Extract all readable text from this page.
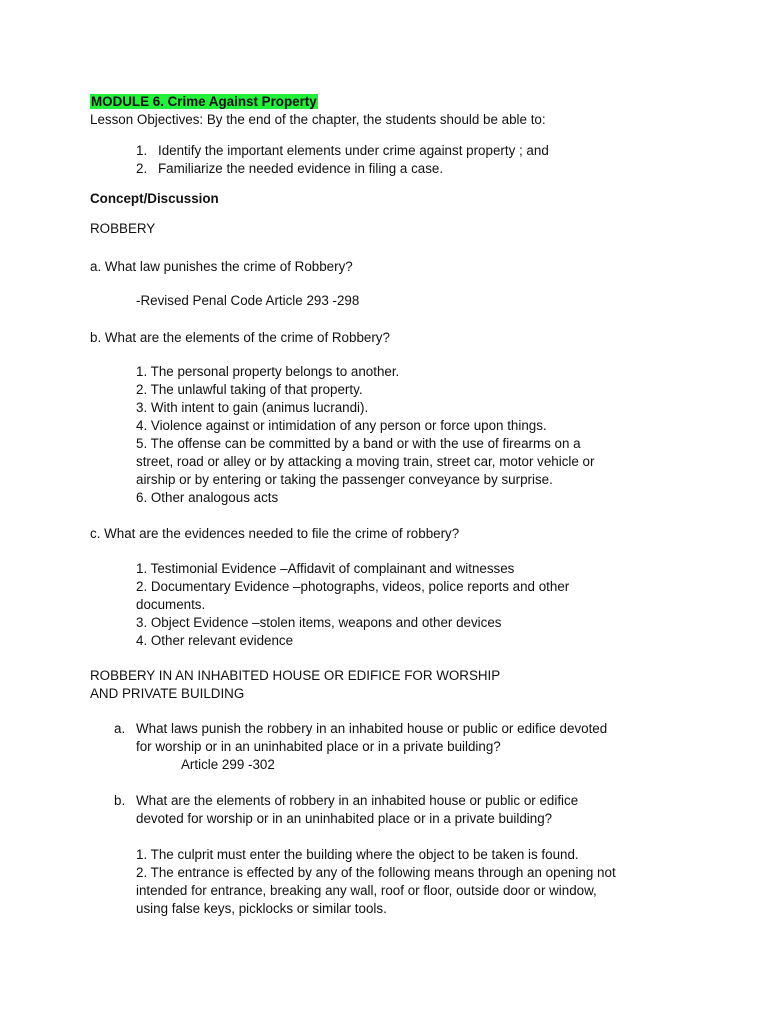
MODULE 6. Crime Against Property
Lesson Objectives: By the end of the chapter, the students should be able to:
1. Identify the important elements under crime against property ; and
2. Familiarize the needed evidence in filing a case.
Concept/Discussion
ROBBERY
a. What law punishes the crime of Robbery?
-Revised Penal Code Article 293 -298
b. What are the elements of the crime of Robbery?
1. The personal property belongs to another.
2. The unlawful taking of that property.
3. With intent to gain (animus lucrandi).
4. Violence against or intimidation of any person or force upon things.
5. The offense can be committed by a band or with the use of firearms on a
street, road or alley or by attacking a moving train, street car, motor vehicle or
airship or by entering or taking the passenger conveyance by surprise.
6. Other analogous acts
c. What are the evidences needed to file the crime of robbery?
1. Testimonial Evidence –Affidavit of complainant and witnesses
2. Documentary Evidence –photographs, videos, police reports and other
documents.
3. Object Evidence –stolen items, weapons and other devices
4. Other relevant evidence
ROBBERY IN AN INHABITED HOUSE OR EDIFICE FOR WORSHIP
AND PRIVATE BUILDING
a. What laws punish the robbery in an inhabited house or public or edifice devoted
for worship or in an uninhabited place or in a private building?
Article 299 -302
b. What are the elements of robbery in an inhabited house or public or edifice
devoted for worship or in an uninhabited place or in a private building?
1. The culprit must enter the building where the object to be taken is found.
2. The entrance is effected by any of the following means through an opening not
intended for entrance, breaking any wall, roof or floor, outside door or window,
using false keys, picklocks or similar tools.
